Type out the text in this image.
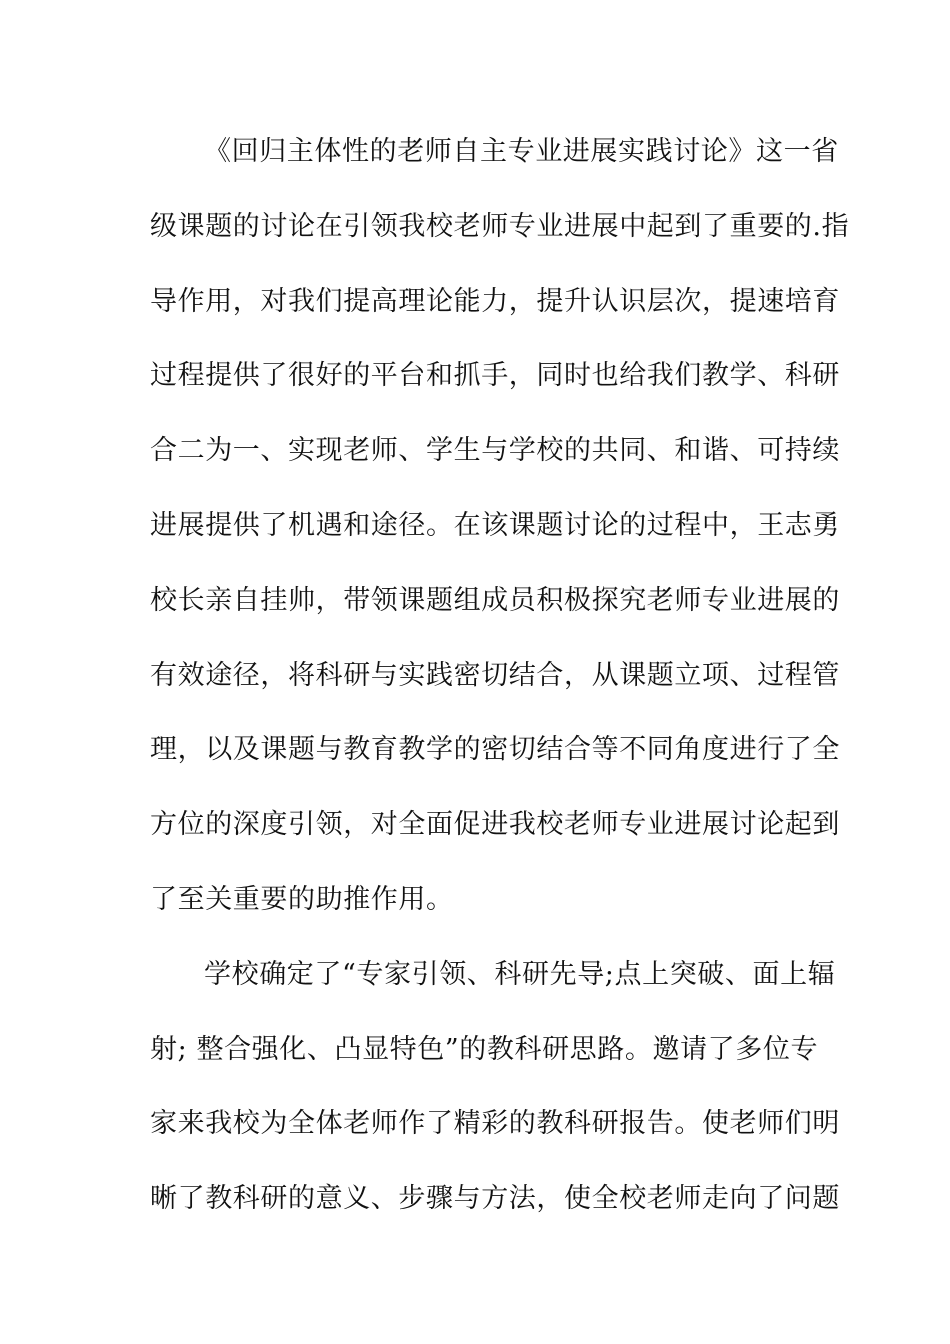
《回归主体性的老师自主专业进展实践讨论》这一省
级课题的讨论在引领我校老师专业进展中起到了重要的.指
导作用，对我们提高理论能力，提升认识层次，提速培育
过程提供了很好的平台和抓手，同时也给我们教学、科研
合二为一、实现老师、学生与学校的共同、和谐、可持续
进展提供了机遇和途径。在该课题讨论的过程中，王志勇
校长亲自挂帅，带领课题组成员积极探究老师专业进展的
有效途径，将科研与实践密切结合，从课题立项、过程管
理，以及课题与教育教学的密切结合等不同角度进行了全
方位的深度引领，对全面促进我校老师专业进展讨论起到
了至关重要的助推作用。
学校确定了“专家引领、科研先导;点上突破、面上辐
射; 整合强化、凸显特色”的教科研思路。邀请了多位专
家来我校为全体老师作了精彩的教科研报告。使老师们明
晰了教科研的意义、步骤与方法，使全校老师走向了问题
